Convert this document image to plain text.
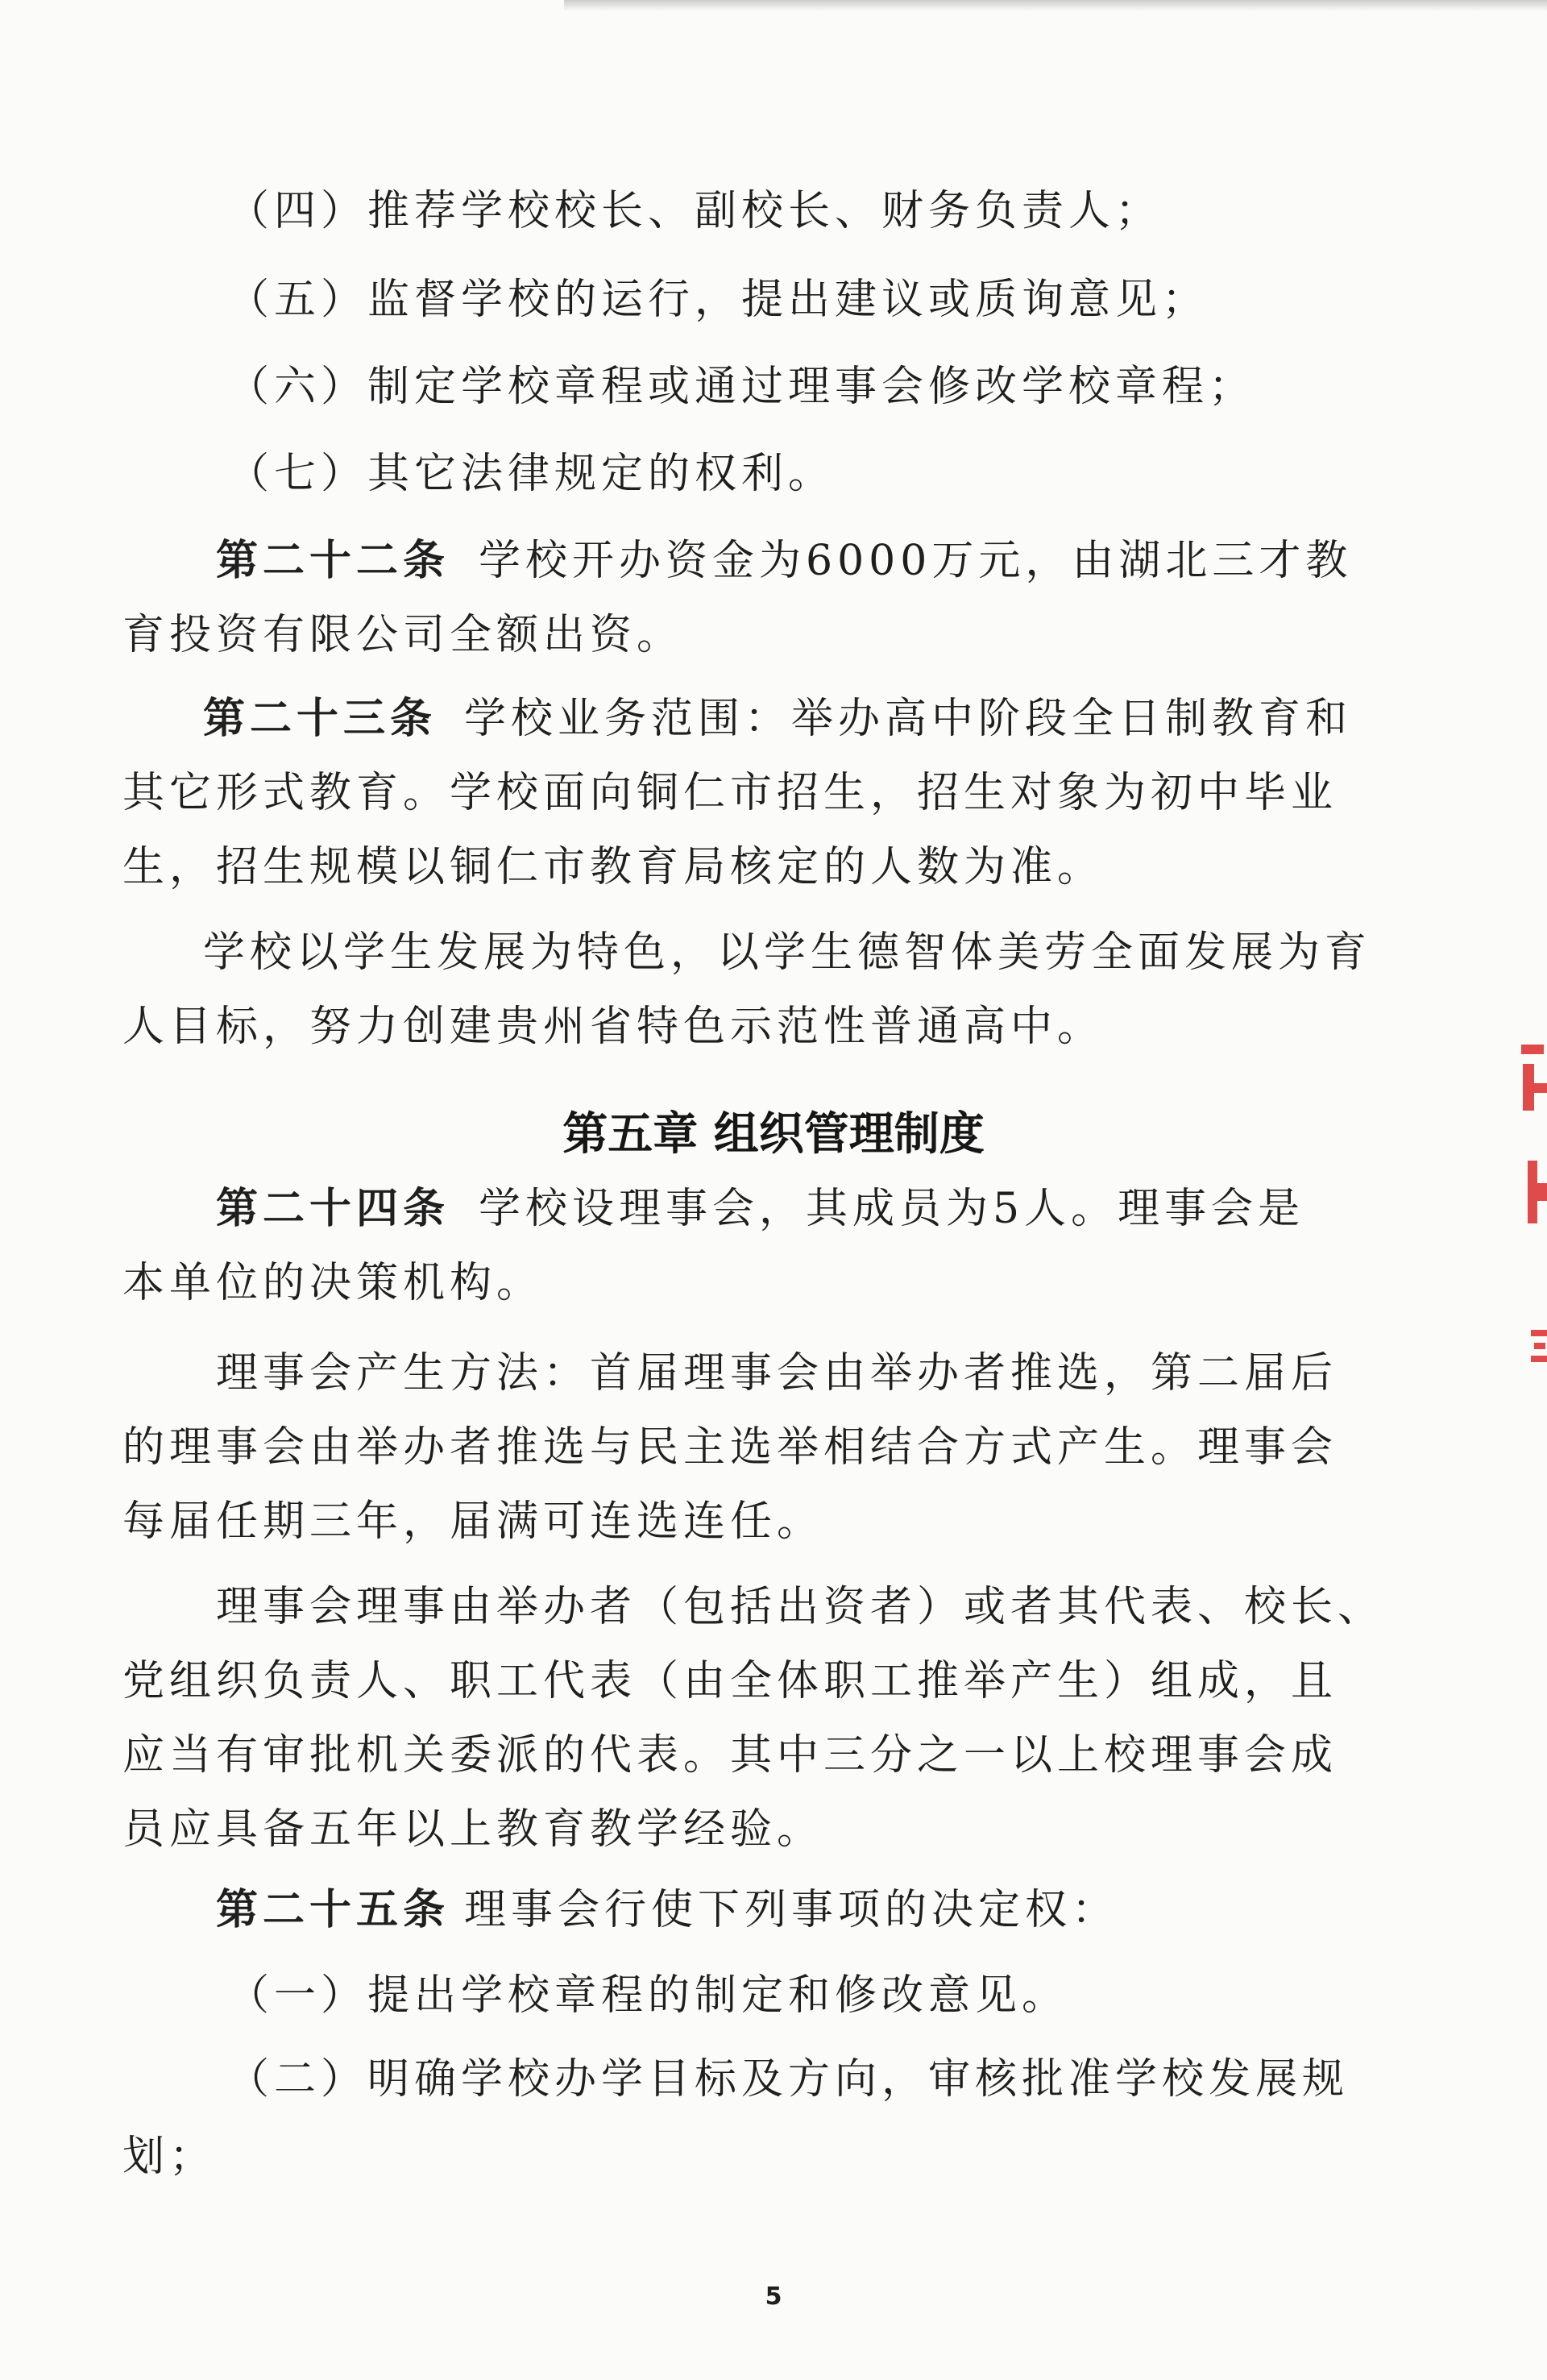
（四）推荐学校校长、副校长、财务负责人；
（五）监督学校的运行，提出建议或质询意见；
（六）制定学校章程或通过理事会修改学校章程；
（七）其它法律规定的权利。
第二十二条 学校开办资金为6000万元，由湖北三才教
育投资有限公司全额出资。
第二十三条 学校业务范围：举办高中阶段全日制教育和
其它形式教育。学校面向铜仁市招生，招生对象为初中毕业
生，招生规模以铜仁市教育局核定的人数为准。
学校以学生发展为特色，以学生德智体美劳全面发展为育
人目标，努力创建贵州省特色示范性普通高中。
第五章 组织管理制度
第二十四条 学校设理事会，其成员为5人。理事会是
本单位的决策机构。
理事会产生方法：首届理事会由举办者推选，第二届后
的理事会由举办者推选与民主选举相结合方式产生。理事会
每届任期三年，届满可连选连任。
理事会理事由举办者（包括出资者）或者其代表、校长、
党组织负责人、职工代表（由全体职工推举产生）组成，且
应当有审批机关委派的代表。其中三分之一以上校理事会成
员应具备五年以上教育教学经验。
第二十五条 理事会行使下列事项的决定权：
（一）提出学校章程的制定和修改意见。
（二）明确学校办学目标及方向，审核批准学校发展规
划；
5
